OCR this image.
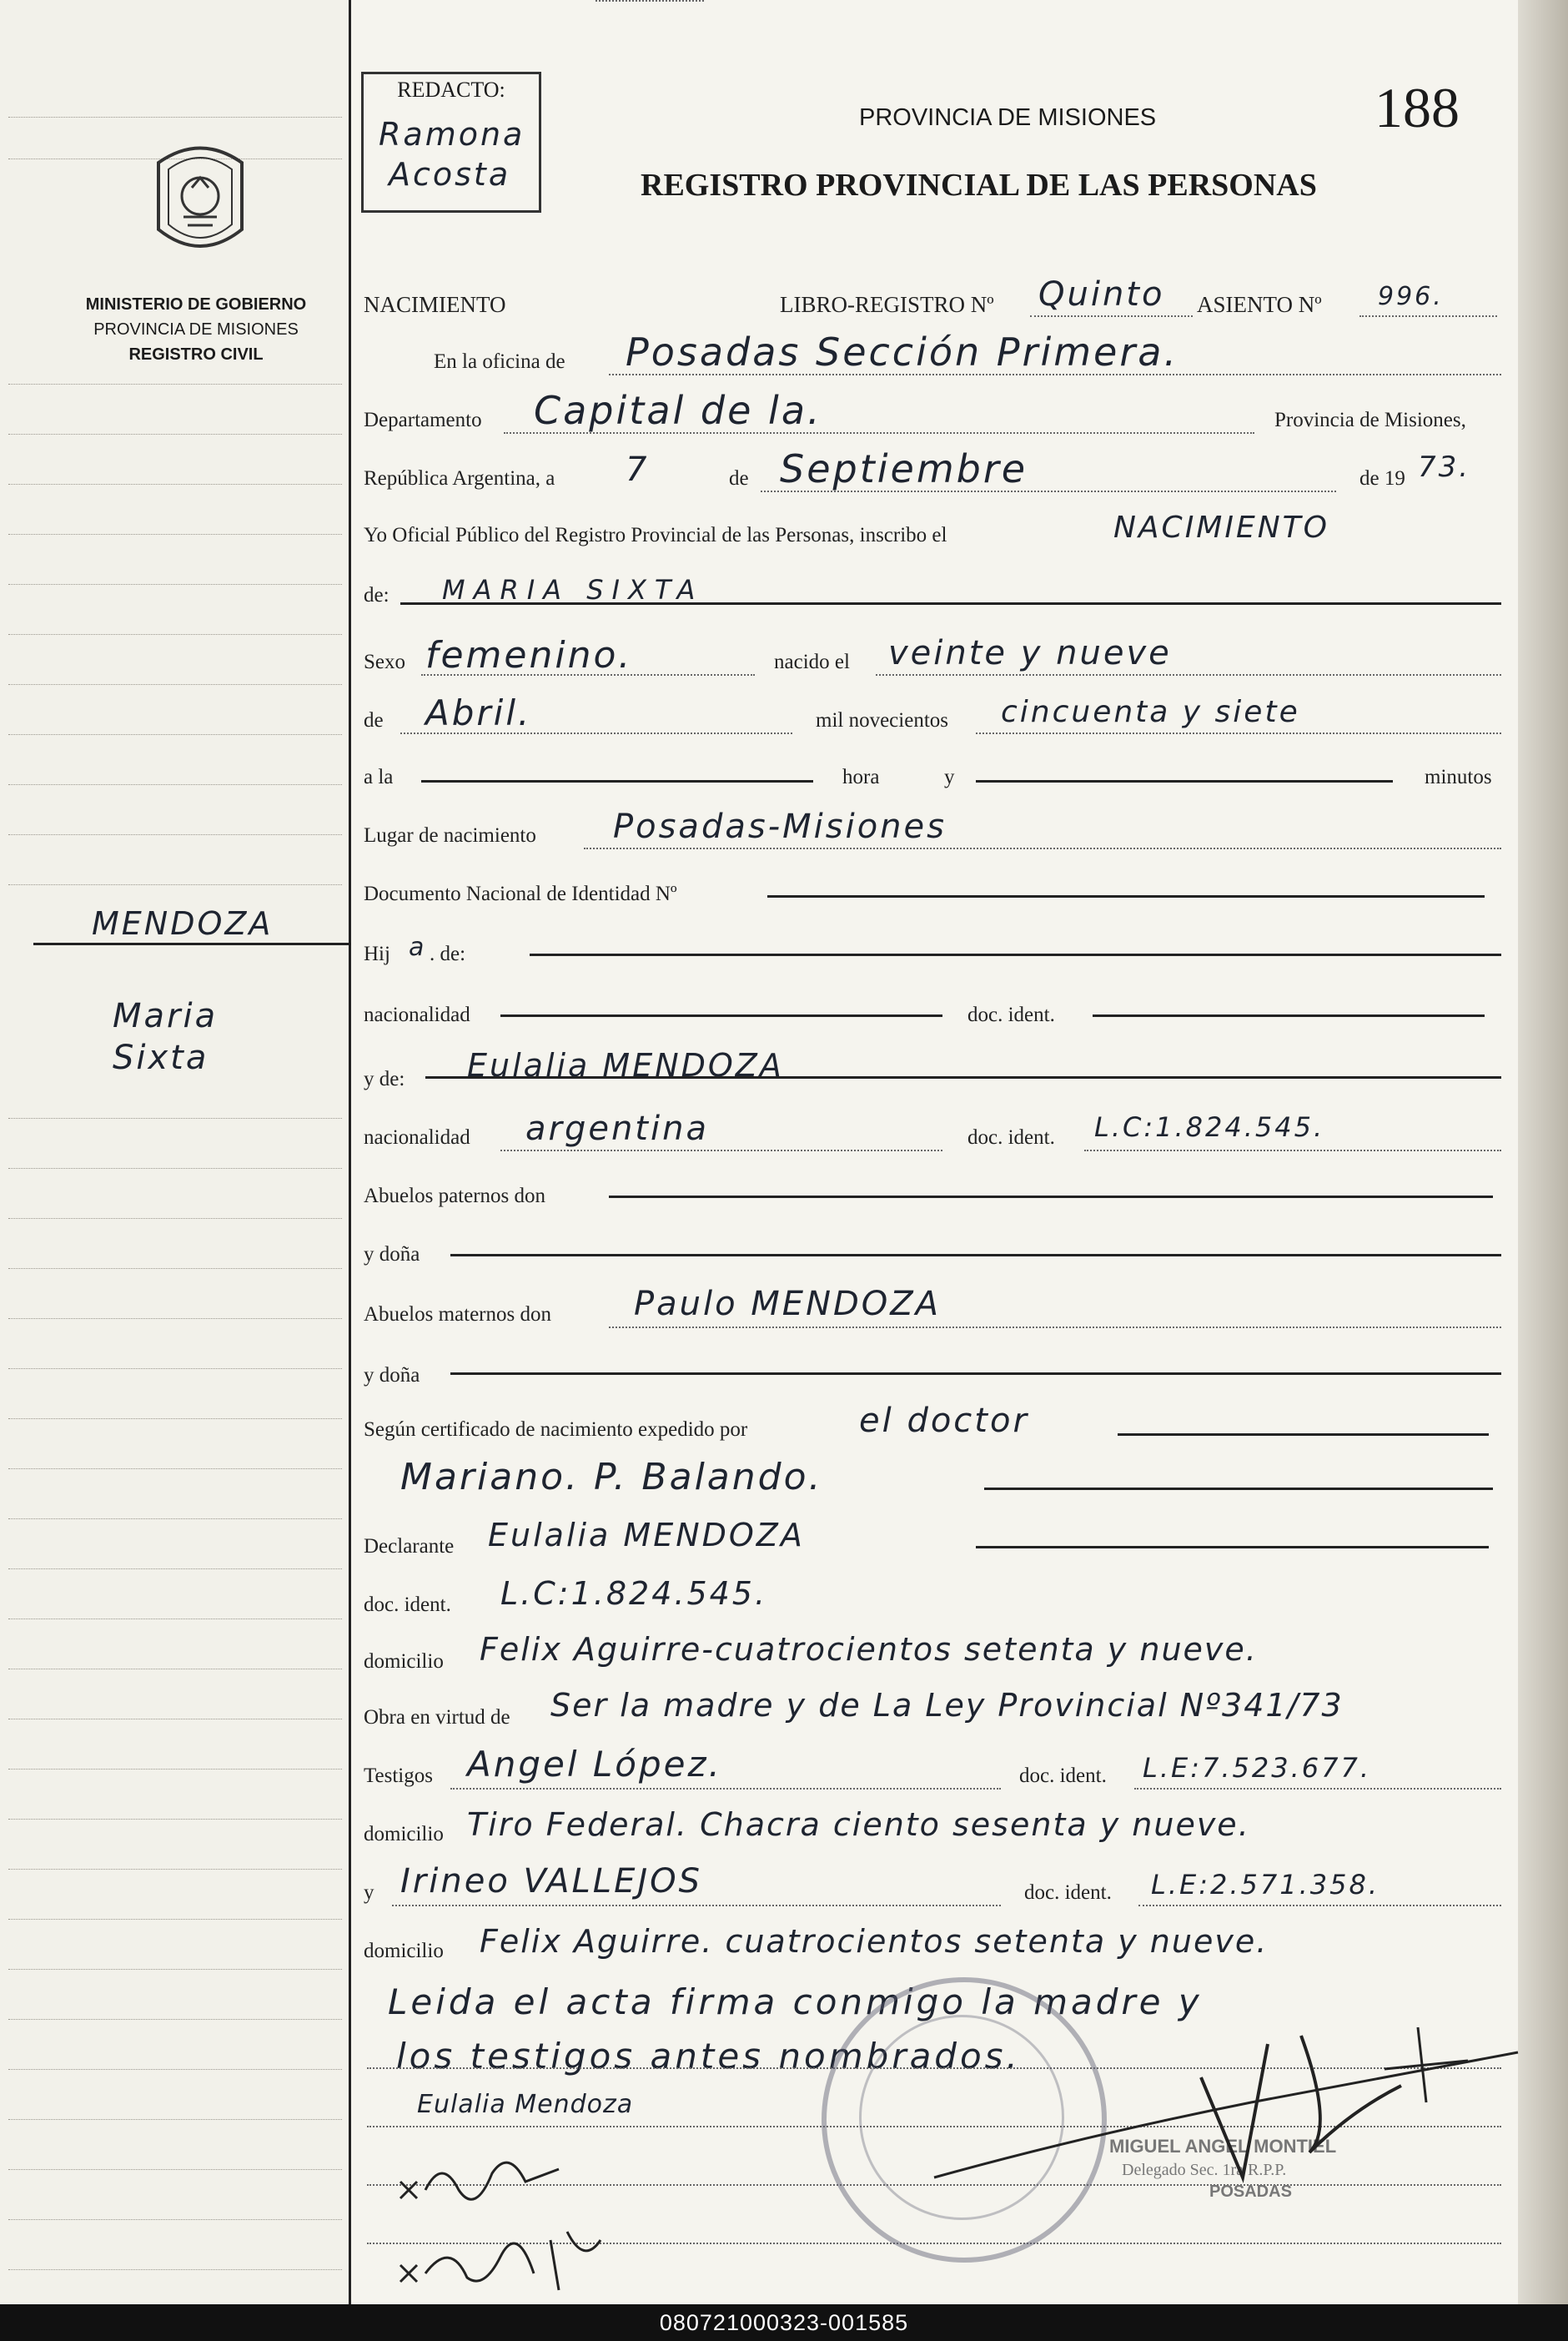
MINISTERIO DE GOBIERNO
PROVINCIA DE MISIONES
REGISTRO CIVIL
MENDOZA
Maria
Sixta
REDACTO:
Ramona
Acosta
PROVINCIA DE MISIONES
REGISTRO PROVINCIAL DE LAS PERSONAS
188
NACIMIENTO	LIBRO-REGISTRO Nº Quinto ASIENTO Nº 996.
En la oficina de Posadas Sección Primera.
Departamento Capital de la.	Provincia de Misiones,
República Argentina, a 7	de Septiembre	de 19 73.
Yo Oficial Público del Registro Provincial de las Personas, inscribo el	NACIMIENTO
de: MARIA SIXTA
Sexo femenino.	nacido el veinte y nueve
de Abril.	mil novecientos cincuenta y siete
a la	hora	y	minutos
Lugar de nacimiento Posadas-Misiones
Documento Nacional de Identidad Nº
Hij a . de:
nacionalidad	doc. ident.
y de: Eulalia MENDOZA
nacionalidad argentina	doc. ident. L.C:1.824.545.
Abuelos paternos don
y doña
Abuelos maternos don Paulo MENDOZA
y doña
Según certificado de nacimiento expedido por	el doctor
Mariano. P. Balando.
Declarante Eulalia MENDOZA
doc. ident. L.C:1.824.545.
domicilio Felix Aguirre-cuatrocientos setenta y nueve.
Obra en virtud de Ser la madre y de La Ley Provincial Nº341/73
Testigos Angel López.	doc. ident. L.E:7.523.677.
domicilio Tiro Federal. Chacra ciento sesenta y nueve.
y Irineo VALLEJOS	doc. ident. L.E:2.571.358.
domicilio Felix Aguirre. cuatrocientos setenta y nueve.
Leida el acta firma conmigo la madre y
los testigos antes nombrados.
MIGUEL ANGEL MONTIEL
Delegado Sec. 1ra R.P.P.
POSADAS
Eulalia Mendoza
080721000323-001585
